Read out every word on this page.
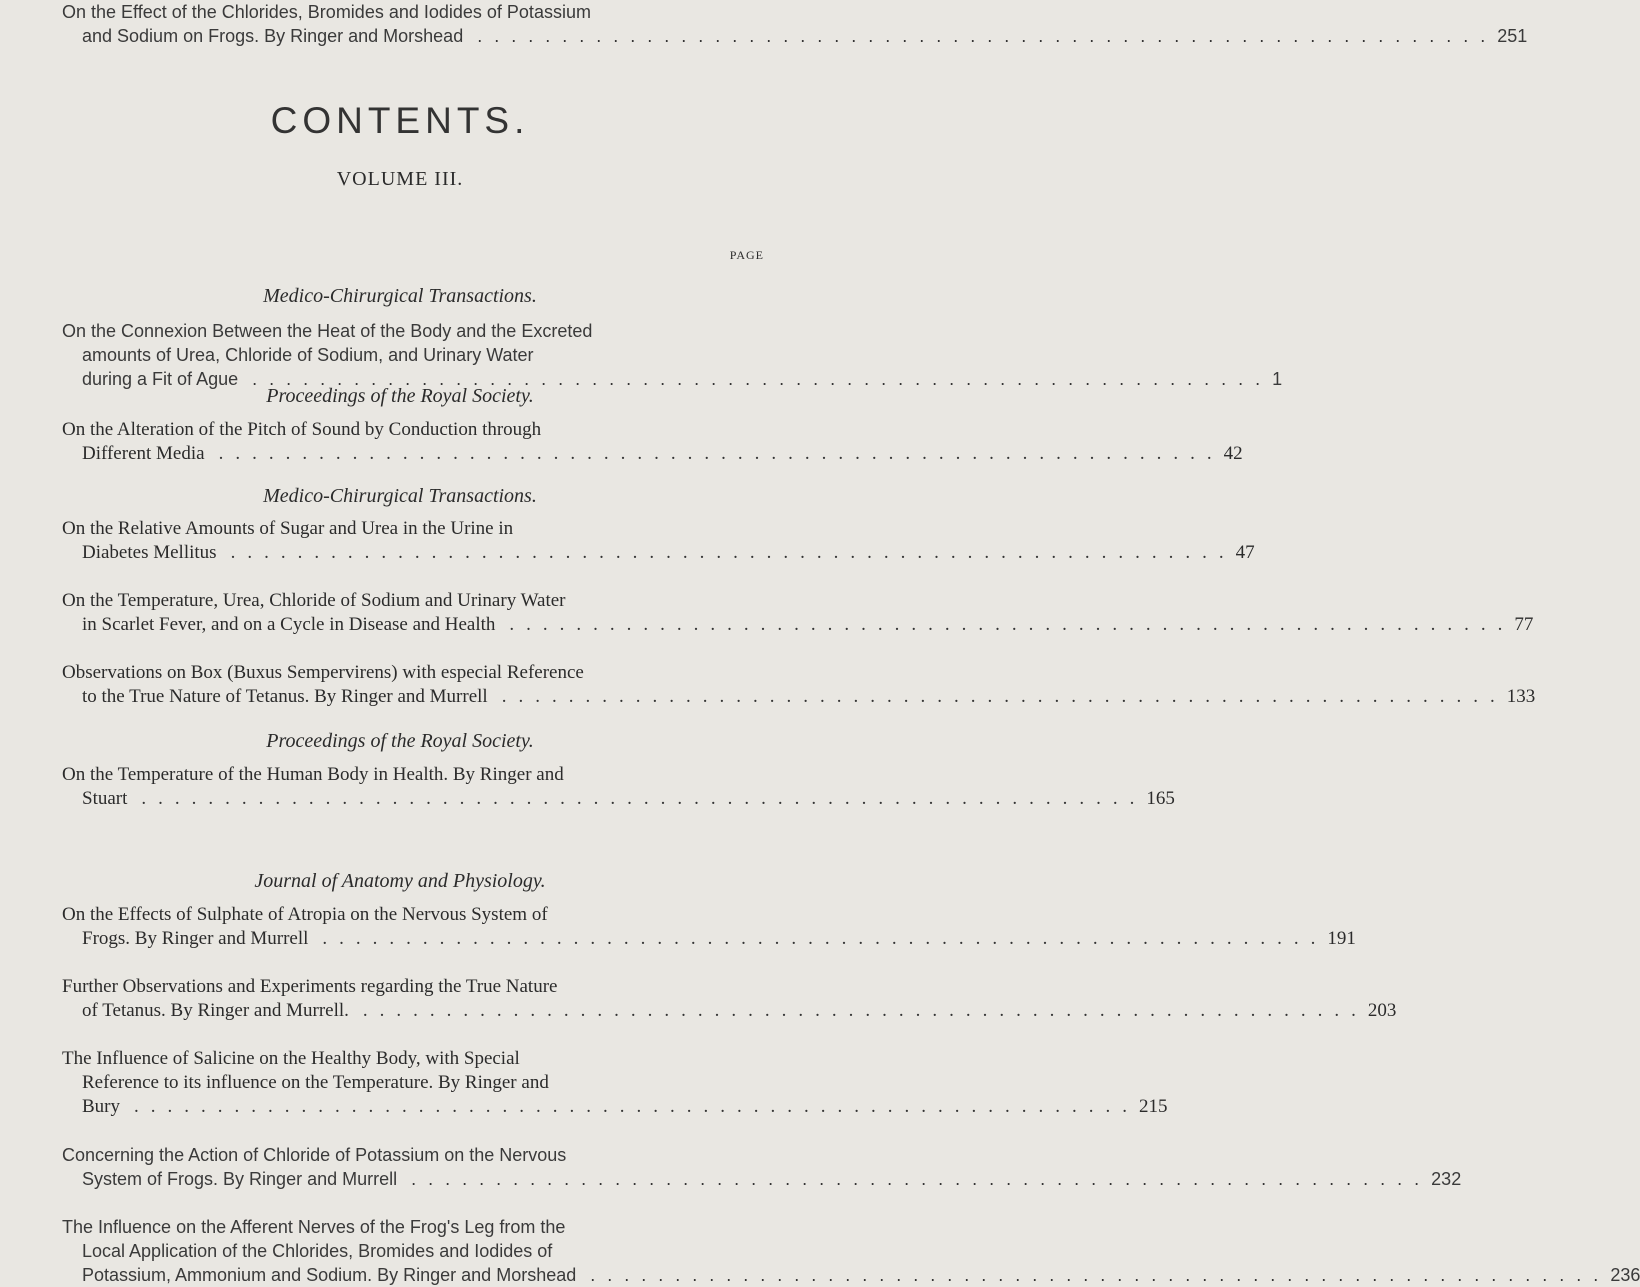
CONTENTS.
VOLUME III.
PAGE
Medico-Chirurgical Transactions.
On the Connexion Between the Heat of the Body and the Excreted
amounts of Urea, Chloride of Sodium, and Urinary Water
during a Fit of Ague ............................................................ 1
Proceedings of the Royal Society.
On the Alteration of the Pitch of Sound by Conduction through
Different Media ............................................................ 42
Medico-Chirurgical Transactions.
On the Relative Amounts of Sugar and Urea in the Urine in
Diabetes Mellitus ............................................................ 47
On the Temperature, Urea, Chloride of Sodium and Urinary Water
in Scarlet Fever, and on a Cycle in Disease and Health ............................................................ 77
Observations on Box (Buxus Sempervirens) with especial Reference
to the True Nature of Tetanus. By Ringer and Murrell ............................................................ 133
Proceedings of the Royal Society.
On the Temperature of the Human Body in Health. By Ringer and
Stuart ............................................................ 165
Journal of Anatomy and Physiology.
On the Effects of Sulphate of Atropia on the Nervous System of
Frogs. By Ringer and Murrell ............................................................ 191
Further Observations and Experiments regarding the True Nature
of Tetanus. By Ringer and Murrell. ............................................................ 203
The Influence of Salicine on the Healthy Body, with Special
Reference to its influence on the Temperature. By Ringer and
Bury ............................................................ 215
Concerning the Action of Chloride of Potassium on the Nervous
System of Frogs. By Ringer and Murrell ............................................................ 232
The Influence on the Afferent Nerves of the Frog's Leg from the
Local Application of the Chlorides, Bromides and Iodides of
Potassium, Ammonium and Sodium. By Ringer and Morshead ............................................................ 236
On the Effect of the Chlorides, Bromides and Iodides of Potassium
and Sodium on Frogs. By Ringer and Morshead ............................................................ 251
